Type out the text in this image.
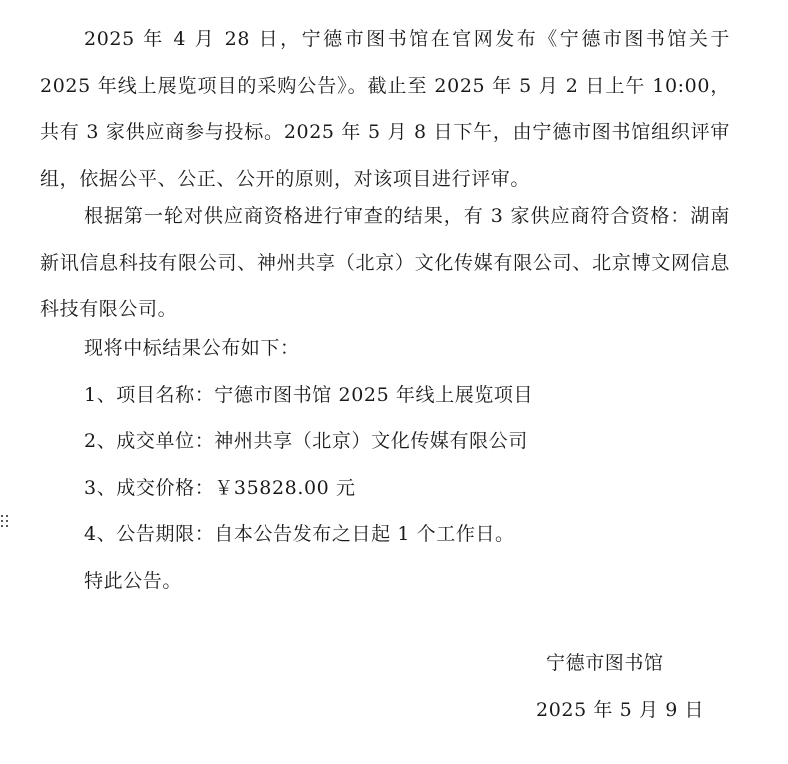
2025 年 4 月 28 日，宁德市图书馆在官网发布《宁德市图书馆关于 2025 年线上展览项目的采购公告》。截止至 2025 年 5 月 2 日上午 10:00，共有 3 家供应商参与投标。2025 年 5 月 8 日下午，由宁德市图书馆组织评审组，依据公平、公正、公开的原则，对该项目进行评审。

根据第一轮对供应商资格进行审查的结果，有 3 家供应商符合资格：湖南新讯信息科技有限公司、神州共享（北京）文化传媒有限公司、北京博文网信息科技有限公司。

现将中标结果公布如下：

1、项目名称：宁德市图书馆 2025 年线上展览项目

2、成交单位：神州共享（北京）文化传媒有限公司

3、成交价格：￥35828.00 元

4、公告期限：自本公告发布之日起 1 个工作日。

特此公告。

宁德市图书馆

2025 年 5 月 9 日
